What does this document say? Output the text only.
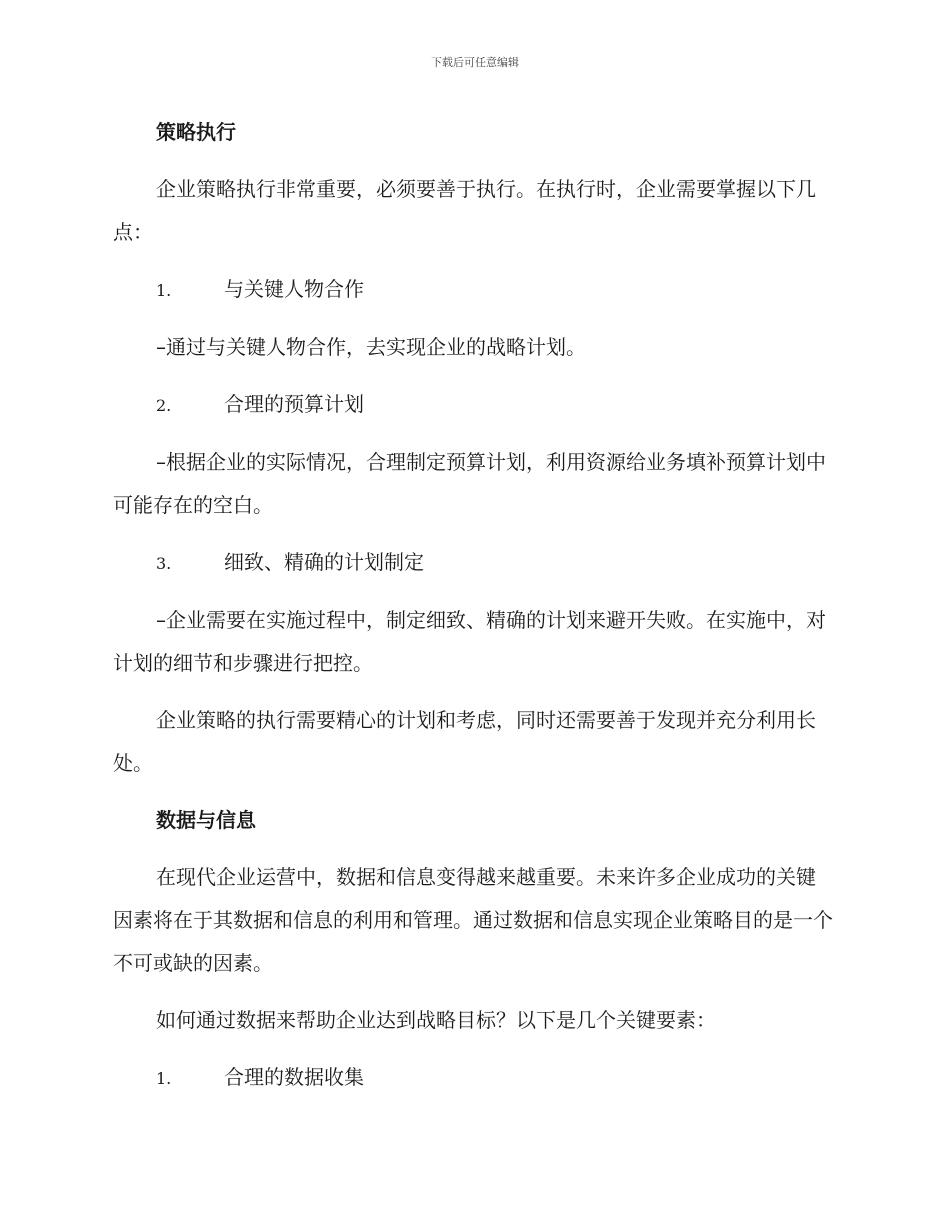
下载后可任意编辑

策略执行

企业策略执行非常重要，必须要善于执行。在执行时，企业需要掌握以下几点：

1.	与关键人物合作

–通过与关键人物合作，去实现企业的战略计划。

2.	合理的预算计划

–根据企业的实际情况，合理制定预算计划，利用资源给业务填补预算计划中可能存在的空白。

3.	细致、精确的计划制定

–企业需要在实施过程中，制定细致、精确的计划来避开失败。在实施中，对计划的细节和步骤进行把控。

企业策略的执行需要精心的计划和考虑，同时还需要善于发现并充分利用长处。

数据与信息

在现代企业运营中，数据和信息变得越来越重要。未来许多企业成功的关键因素将在于其数据和信息的利用和管理。通过数据和信息实现企业策略目的是一个不可或缺的因素。

如何通过数据来帮助企业达到战略目标？以下是几个关键要素：

1.	合理的数据收集
